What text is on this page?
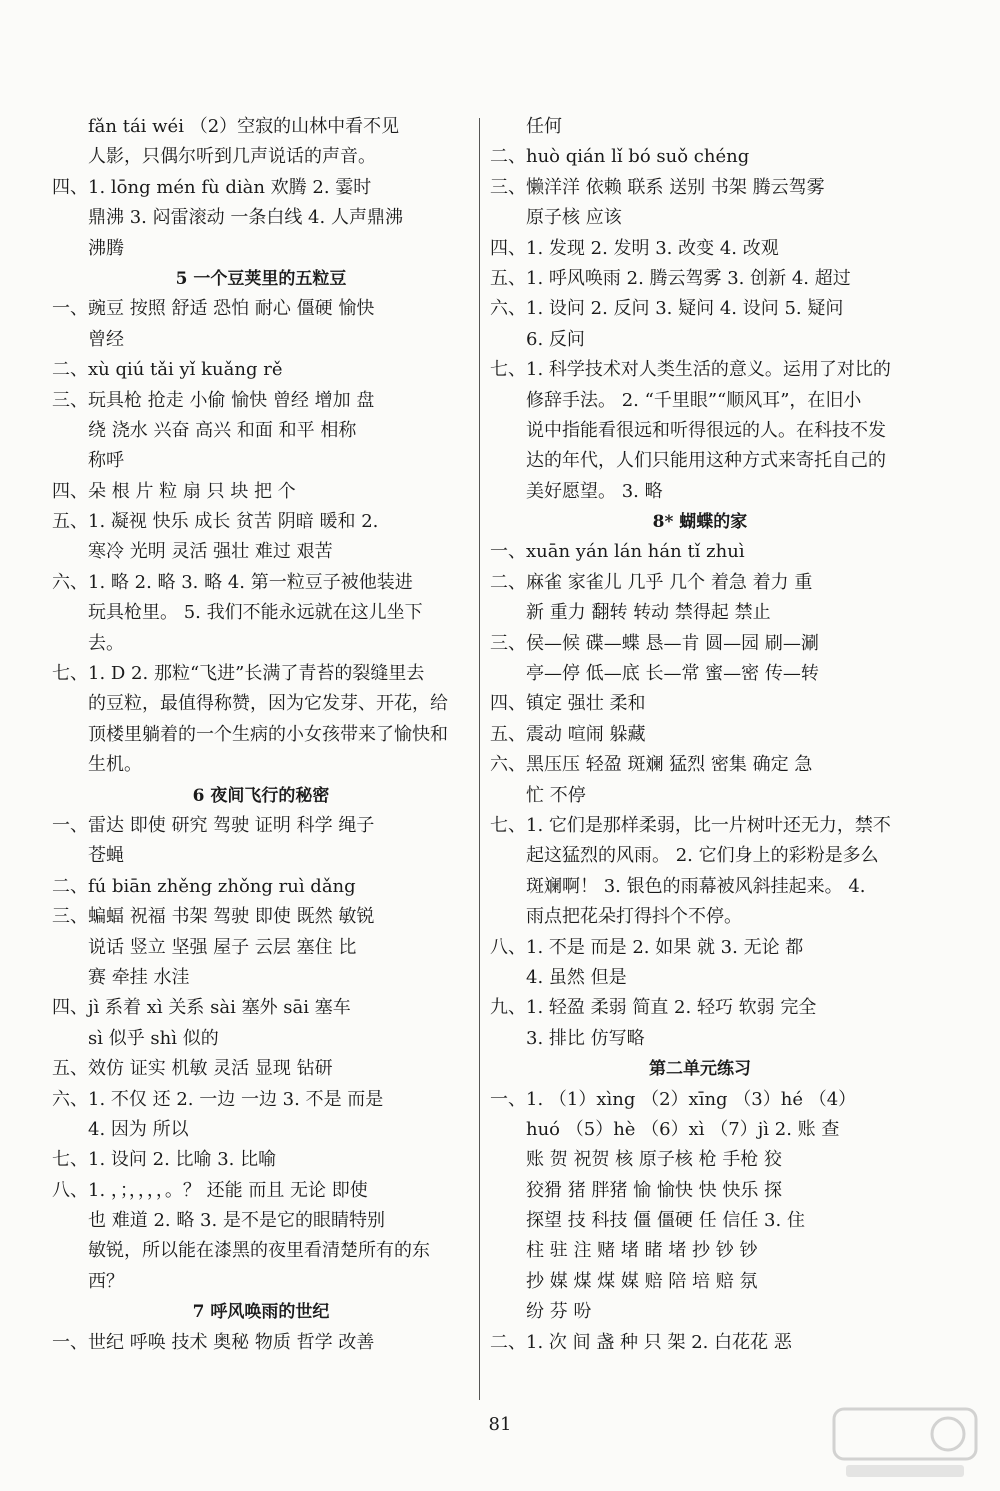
fǎn tái wéi （2）空寂的山林中看不见
人影，只偶尔听到几声说话的声音。
四、1. lōng mén fù diàn 欢腾 2. 霎时
鼎沸 3. 闷雷滚动 一条白线 4. 人声鼎沸
沸腾
5 一个豆荚里的五粒豆
一、豌豆 按照 舒适 恐怕 耐心 僵硬 愉快
曾经
二、xù qiú tǎi yǐ kuǎng rě
三、玩具枪 抢走 小偷 愉快 曾经 增加 盘
绕 浇水 兴奋 高兴 和面 和平 相称
称呼
四、朵 根 片 粒 扇 只 块 把 个
五、1. 凝视 快乐 成长 贫苦 阴暗 暖和 2.
寒冷 光明 灵活 强壮 难过 艰苦
六、1. 略 2. 略 3. 略 4. 第一粒豆子被他装进
玩具枪里。 5. 我们不能永远就在这儿坐下
去。
七、1. D 2. 那粒“飞进”长满了青苔的裂缝里去
的豆粒，最值得称赞，因为它发芽、开花，给
顶楼里躺着的一个生病的小女孩带来了愉快和
生机。
6 夜间飞行的秘密
一、雷达 即使 研究 驾驶 证明 科学 绳子
苍蝇
二、fú biān zhěng zhǒng ruì dǎng
三、蝙蝠 祝福 书架 驾驶 即使 既然 敏锐
说话 竖立 坚强 屋子 云层 塞住 比
赛 牵挂 水洼
四、jì 系着 xì 关系 sài 塞外 sāi 塞车
sì 似乎 shì 似的
五、效仿 证实 机敏 灵活 显现 钻研
六、1. 不仅 还 2. 一边 一边 3. 不是 而是
4. 因为 所以
七、1. 设问 2. 比喻 3. 比喻
八、1. ，；，，，，。？ 还能 而且 无论 即使
也 难道 2. 略 3. 是不是它的眼睛特别
敏锐，所以能在漆黑的夜里看清楚所有的东
西？
7 呼风唤雨的世纪
一、世纪 呼唤 技术 奥秘 物质 哲学 改善
任何
二、huò qián lǐ bó suǒ chéng
三、懒洋洋 依赖 联系 送别 书架 腾云驾雾
原子核 应该
四、1. 发现 2. 发明 3. 改变 4. 改观
五、1. 呼风唤雨 2. 腾云驾雾 3. 创新 4. 超过
六、1. 设问 2. 反问 3. 疑问 4. 设问 5. 疑问
6. 反问
七、1. 科学技术对人类生活的意义。运用了对比的
修辞手法。 2. “千里眼”“顺风耳”，在旧小
说中指能看很远和听得很远的人。在科技不发
达的年代，人们只能用这种方式来寄托自己的
美好愿望。 3. 略
8* 蝴蝶的家
一、xuān yán lán hán tǐ zhuì
二、麻雀 家雀儿 几乎 几个 着急 着力 重
新 重力 翻转 转动 禁得起 禁止
三、侯—候 碟—蝶 恳—肯 圆—园 刷—涮
亭—停 低—底 长—常 蜜—密 传—转
四、镇定 强壮 柔和
五、震动 喧闹 躲藏
六、黑压压 轻盈 斑斓 猛烈 密集 确定 急
忙 不停
七、1. 它们是那样柔弱，比一片树叶还无力，禁不
起这猛烈的风雨。 2. 它们身上的彩粉是多么
斑斓啊！ 3. 银色的雨幕被风斜挂起来。 4.
雨点把花朵打得抖个不停。
八、1. 不是 而是 2. 如果 就 3. 无论 都
4. 虽然 但是
九、1. 轻盈 柔弱 简直 2. 轻巧 软弱 完全
3. 排比 仿写略
第二单元练习
一、1. （1）xìng （2）xīng （3）hé （4）
huó （5）hè （6）xì （7）jì 2. 账 查
账 贺 祝贺 核 原子核 枪 手枪 狡
狡猾 猪 胖猪 愉 愉快 快 快乐 探
探望 技 科技 僵 僵硬 任 信任 3. 住
柱 驻 注 赌 堵 睹 堵 抄 钞 钞
抄 媒 煤 煤 媒 赔 陪 培 赔 氛
纷 芬 吩
二、1. 次 间 盏 种 只 架 2. 白花花 恶
81
